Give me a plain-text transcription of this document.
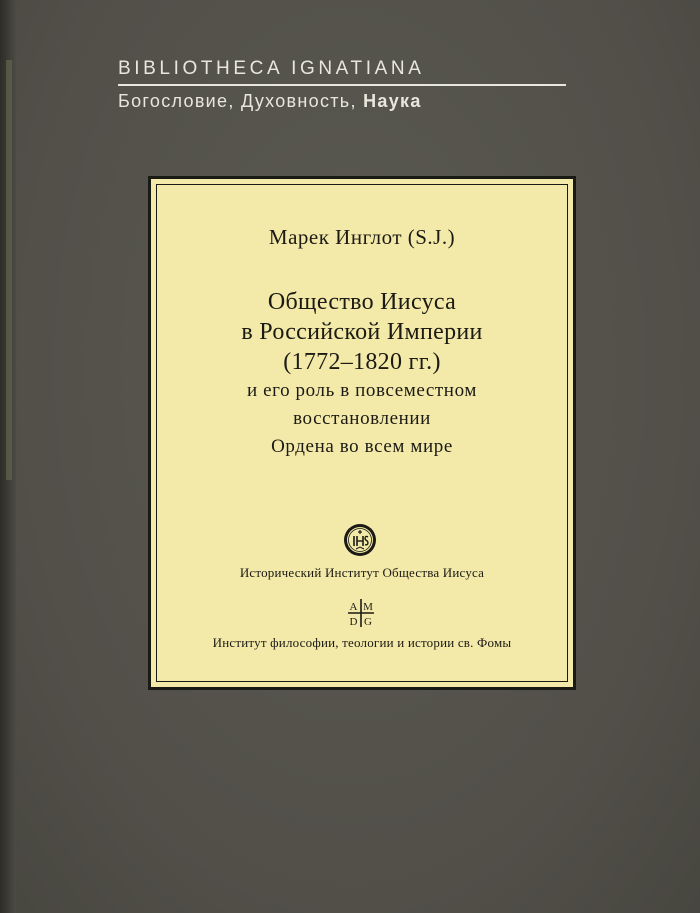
BIBLIOTHECA IGNATIANA
Богословие, Духовность, Наука
Марек Инглот (S.J.)
Общество Иисуса
в Российской Империи
(1772–1820 гг.)
и его роль в повсеместном
восстановлении
Ордена во всем мире
Исторический Институт Общества Иисуса
A M
D G
Институт философии, теологии и истории св. Фомы
